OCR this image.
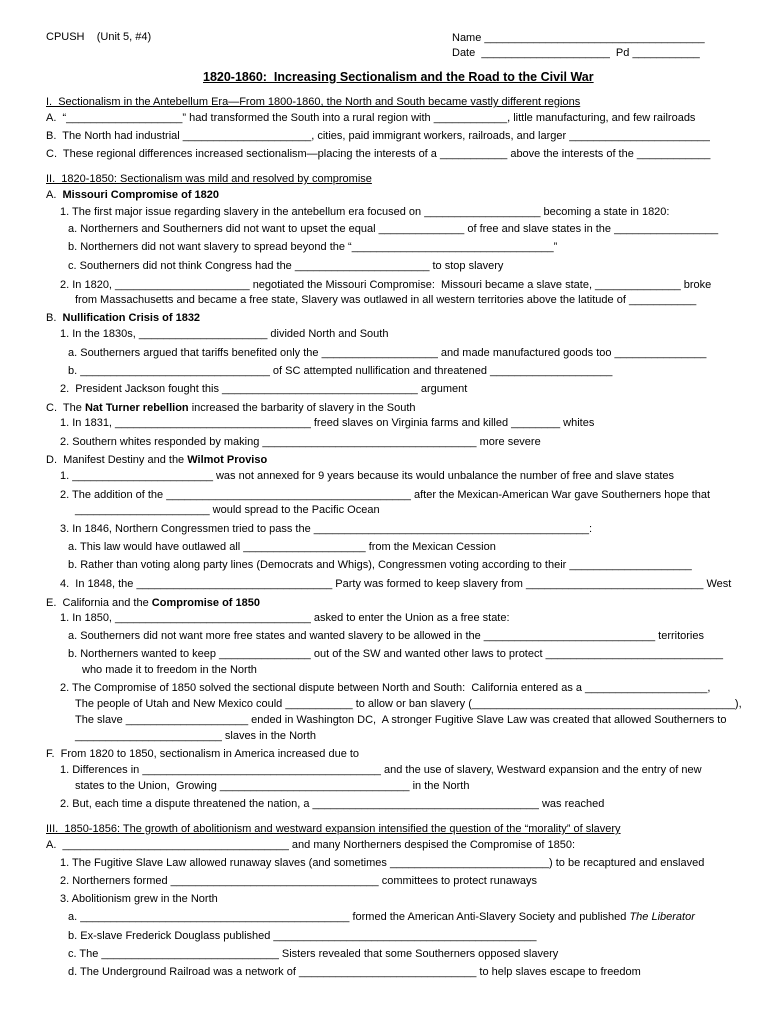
CPUSH    (Unit 5, #4)	Name ____________________________________
Date  _____________________  Pd ___________
1820-1860:  Increasing Sectionalism and the Road to the Civil War
I.  Sectionalism in the Antebellum Era—From 1800-1860, the North and South became vastly different regions
A.  “___________________” had transformed the South into a rural region with ____________, little manufacturing, and few railroads
B.  The North had industrial _____________________, cities, paid immigrant workers, railroads, and larger _______________________
C.  These regional differences increased sectionalism—placing the interests of a ___________ above the interests of the ____________
II.  1820-1850: Sectionalism was mild and resolved by compromise
A.  Missouri Compromise of 1820
1. The first major issue regarding slavery in the antebellum era focused on ___________________ becoming a state in 1820:
a. Northerners and Southerners did not want to upset the equal ______________ of free and slave states in the _________________
b. Northerners did not want slavery to spread beyond the “_________________________________”
c. Southerners did not think Congress had the ______________________ to stop slavery
2. In 1820, ______________________ negotiated the Missouri Compromise:  Missouri became a slave state, ______________ broke
from Massachusetts and became a free state, Slavery was outlawed in all western territories above the latitude of ___________
B.  Nullification Crisis of 1832
1. In the 1830s, _____________________ divided North and South
a. Southerners argued that tariffs benefited only the ___________________ and made manufactured goods too _______________
b. _______________________________ of SC attempted nullification and threatened ____________________
2.  President Jackson fought this ________________________________ argument
C.  The Nat Turner rebellion increased the barbarity of slavery in the South
1. In 1831, ________________________________ freed slaves on Virginia farms and killed ________ whites
2. Southern whites responded by making ___________________________________ more severe
D.  Manifest Destiny and the Wilmot Proviso
1. _______________________ was not annexed for 9 years because its would unbalance the number of free and slave states
2. The addition of the ________________________________________ after the Mexican-American War gave Southerners hope that
______________________ would spread to the Pacific Ocean
3. In 1846, Northern Congressmen tried to pass the _____________________________________________:
a. This law would have outlawed all ____________________ from the Mexican Cession
b. Rather than voting along party lines (Democrats and Whigs), Congressmen voting according to their ____________________
4.  In 1848, the ________________________________ Party was formed to keep slavery from _____________________________ West
E.  California and the Compromise of 1850
1. In 1850, ________________________________ asked to enter the Union as a free state:
a. Southerners did not want more free states and wanted slavery to be allowed in the ____________________________ territories
b. Northerners wanted to keep _______________ out of the SW and wanted other laws to protect _____________________________
who made it to freedom in the North
2. The Compromise of 1850 solved the sectional dispute between North and South:  California entered as a ____________________,
The people of Utah and New Mexico could ___________ to allow or ban slavery (___________________________________________),
The slave ____________________ ended in Washington DC,  A stronger Fugitive Slave Law was created that allowed Southerners to
________________________ slaves in the North
F.  From 1820 to 1850, sectionalism in America increased due to
1. Differences in _______________________________________ and the use of slavery, Westward expansion and the entry of new
states to the Union,  Growing _______________________________ in the North
2. But, each time a dispute threatened the nation, a _____________________________________ was reached
III.  1850-1856: The growth of abolitionism and westward expansion intensified the question of the “morality” of slavery
A.  _____________________________________ and many Northerners despised the Compromise of 1850:
1. The Fugitive Slave Law allowed runaway slaves (and sometimes __________________________) to be recaptured and enslaved
2. Northerners formed __________________________________ committees to protect runaways
3. Abolitionism grew in the North
a. ____________________________________________ formed the American Anti-Slavery Society and published The Liberator
b. Ex-slave Frederick Douglass published ___________________________________________
c. The _____________________________ Sisters revealed that some Southerners opposed slavery
d. The Underground Railroad was a network of _____________________________ to help slaves escape to freedom
